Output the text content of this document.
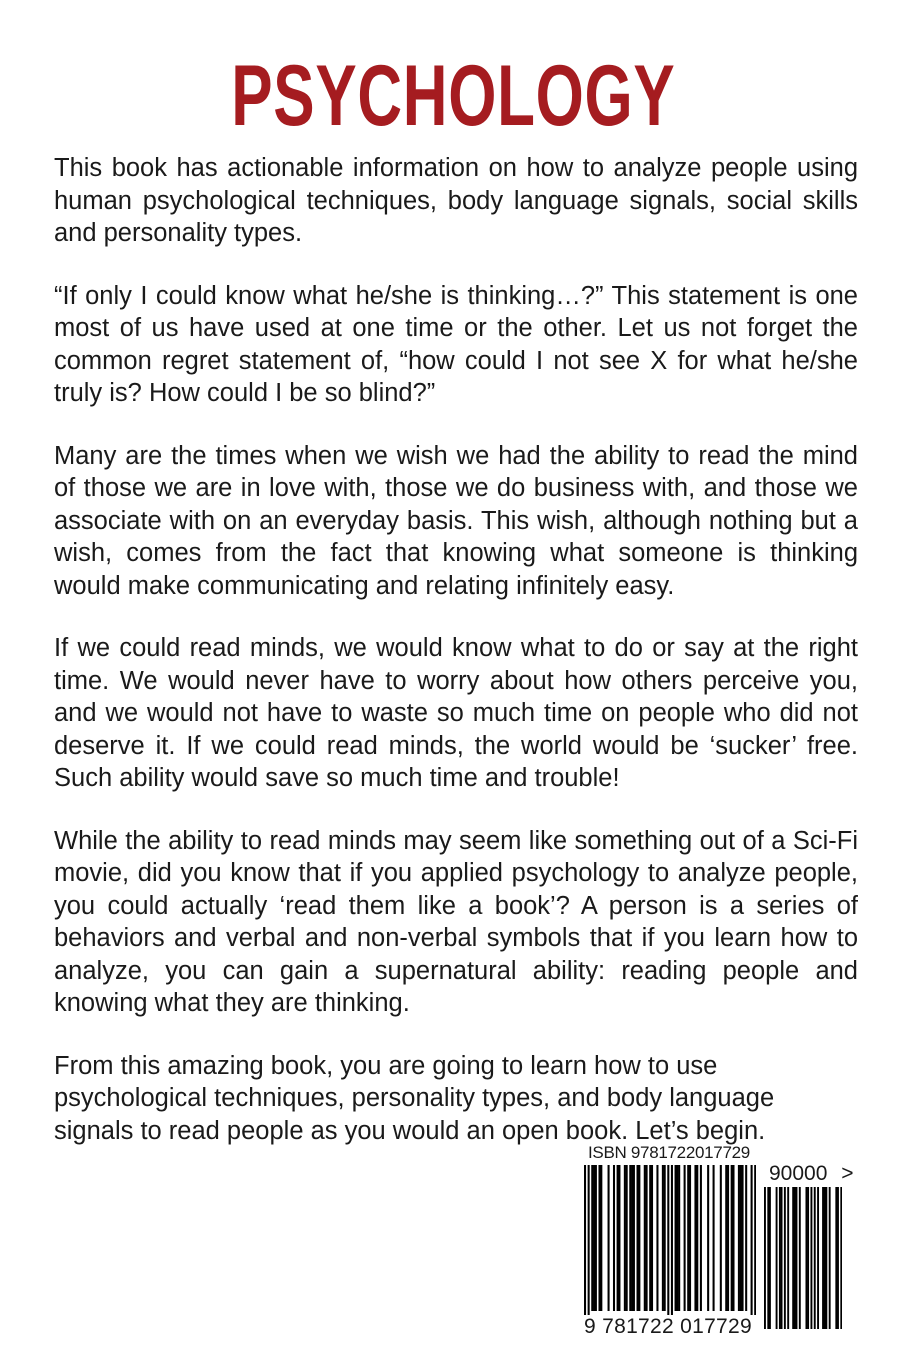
PSYCHOLOGY

This book has actionable information on how to analyze people using human psychological techniques, body language signals, social skills and personality types.

“If only I could know what he/she is thinking…?” This statement is one most of us have used at one time or the other. Let us not forget the common regret statement of, “how could I not see X for what he/she truly is? How could I be so blind?”

Many are the times when we wish we had the ability to read the mind of those we are in love with, those we do business with, and those we associate with on an everyday basis. This wish, although nothing but a wish, comes from the fact that knowing what someone is thinking would make communicating and relating infinitely easy.

If we could read minds, we would know what to do or say at the right time. We would never have to worry about how others perceive you, and we would not have to waste so much time on people who did not deserve it. If we could read minds, the world would be ‘sucker’ free. Such ability would save so much time and trouble!

While the ability to read minds may seem like something out of a Sci-Fi movie, did you know that if you applied psychology to analyze people, you could actually ‘read them like a book’? A person is a series of behaviors and verbal and non-verbal symbols that if you learn how to analyze, you can gain a supernatural ability: reading people and knowing what they are thinking.

From this amazing book, you are going to learn how to use psychological techniques, personality types, and body language signals to read people as you would an open book. Let’s begin.

ISBN 9781722017729
90000 >
9 781722 017729
